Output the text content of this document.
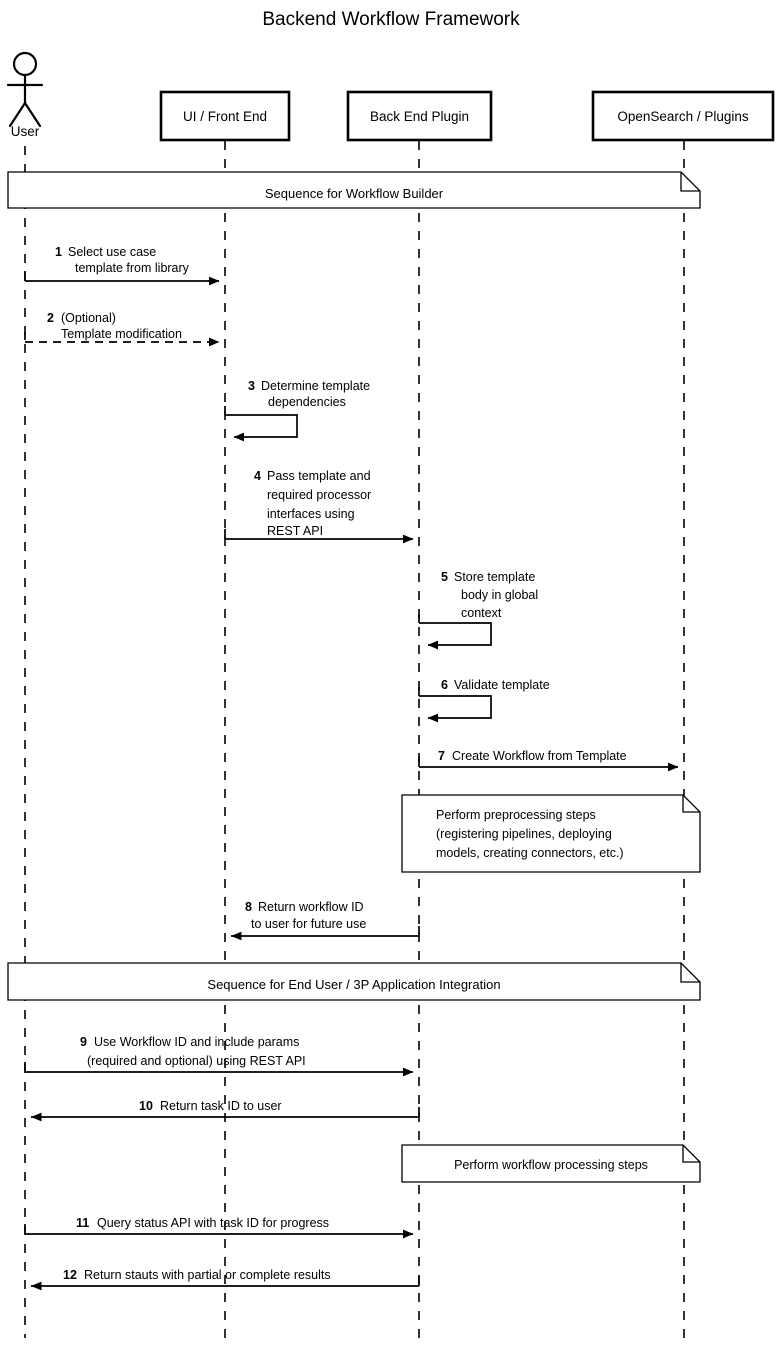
Backend Workflow Framework
User
UI / Front End	Back End Plugin	OpenSearch / Plugins
Sequence for Workflow Builder
1 Select use case
template from library
2 (Optional)
Template modification
3 Determine template
dependencies
4 Pass template and
required processor
interfaces using
REST API
5 Store template
body in global
context
6 Validate template
7 Create Workflow from Template
Perform preprocessing steps
(registering pipelines, deploying
models, creating connectors, etc.)
8 Return workflow ID
to user for future use
Sequence for End User / 3P Application Integration
9 Use Workflow ID and include params
(required and optional) using REST API
10 Return task ID to user
Perform workflow processing steps
11 Query status API with task ID for progress
12 Return stauts with partial or complete results
